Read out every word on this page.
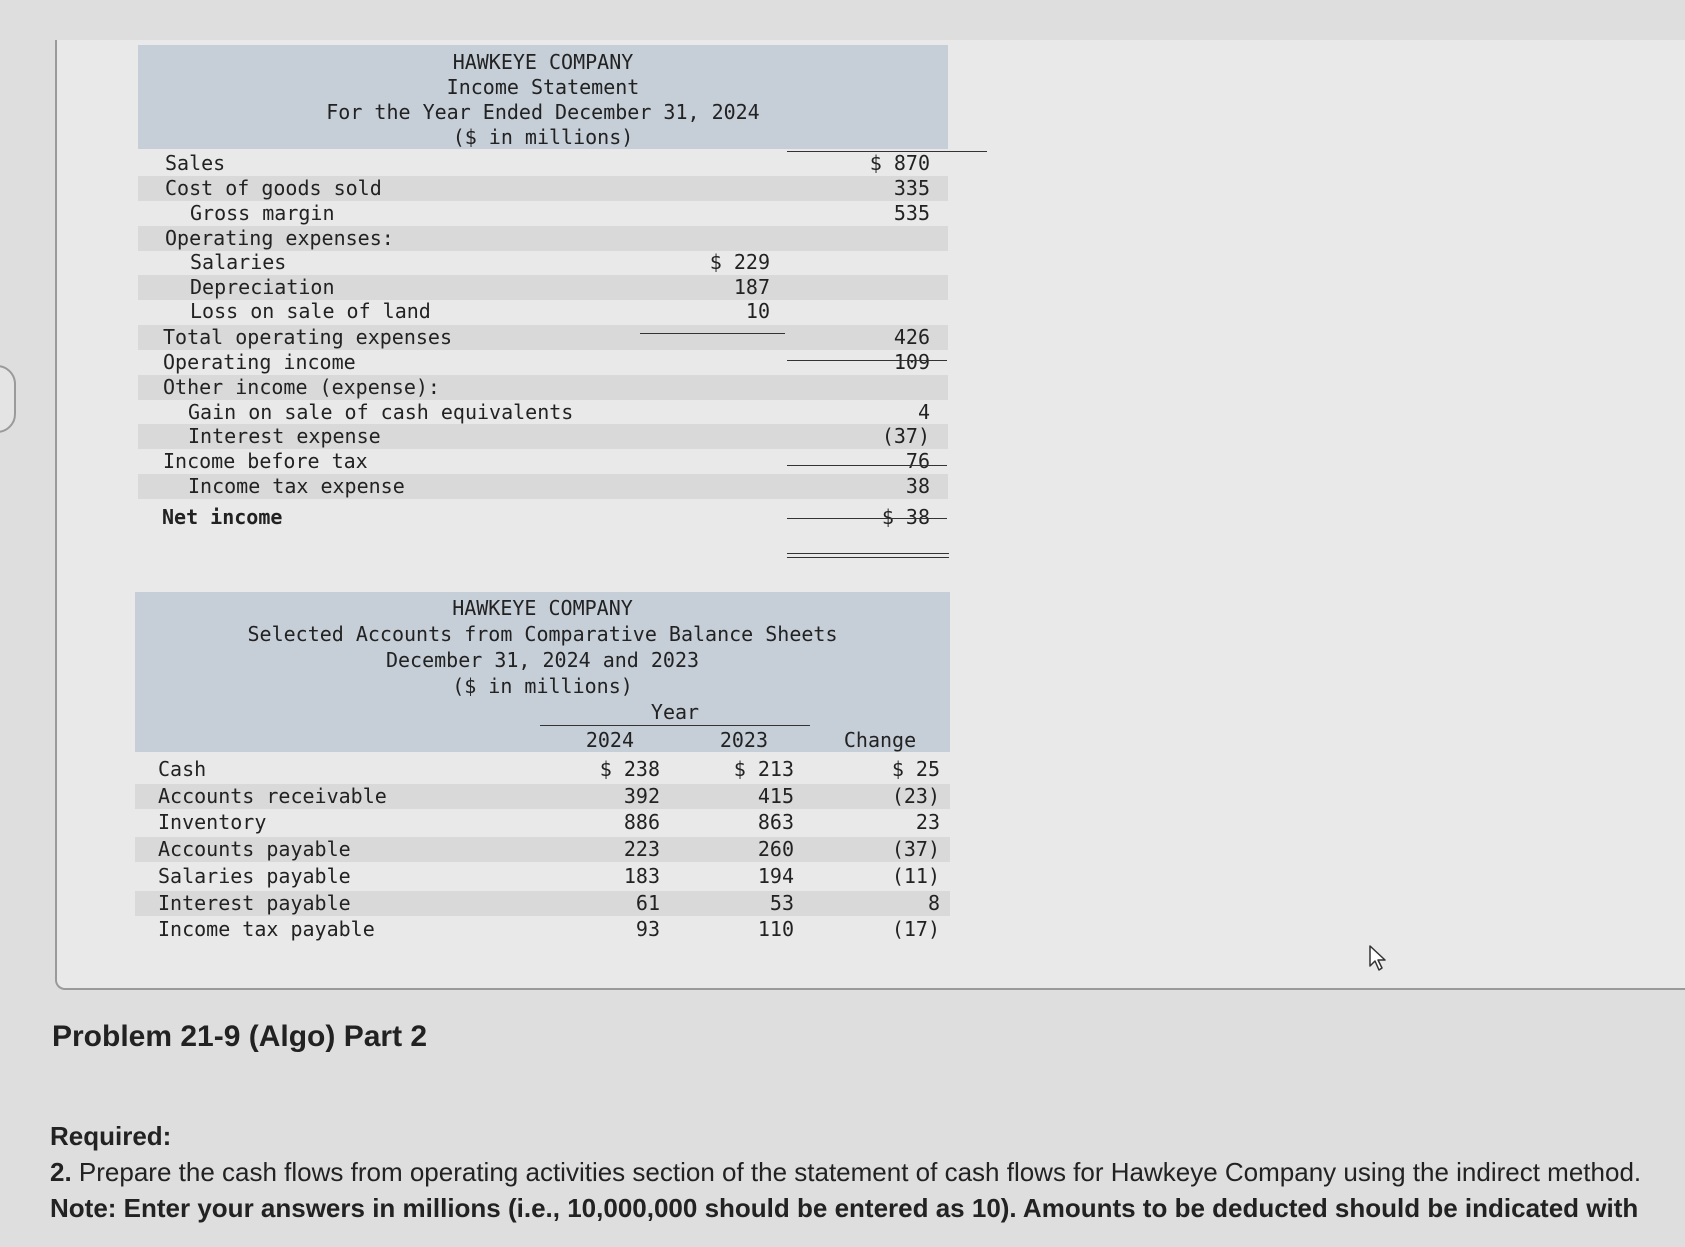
HAWKEYE COMPANY
Income Statement
For the Year Ended December 31, 2024
($ in millions)
Sales	$ 870
Cost of goods sold	335
Gross margin	535
Operating expenses:
Salaries	$ 229
Depreciation	187
Loss on sale of land	10
Total operating expenses	426
Operating income	109
Other income (expense):
Gain on sale of cash equivalents	4
Interest expense	(37)
Income before tax	76
Income tax expense	38
Net income	$ 38
HAWKEYE COMPANY
Selected Accounts from Comparative Balance Sheets
December 31, 2024 and 2023
($ in millions)
Year
2024	2023	Change
Cash	$ 238	$ 213	$ 25
Accounts receivable	392	415	(23)
Inventory	886	863	23
Accounts payable	223	260	(37)
Salaries payable	183	194	(11)
Interest payable	61	53	8
Income tax payable	93	110	(17)
Problem 21-9 (Algo) Part 2
Required:
2. Prepare the cash flows from operating activities section of the statement of cash flows for Hawkeye Company using the indirect method.
Note: Enter your answers in millions (i.e., 10,000,000 should be entered as 10). Amounts to be deducted should be indicated with
